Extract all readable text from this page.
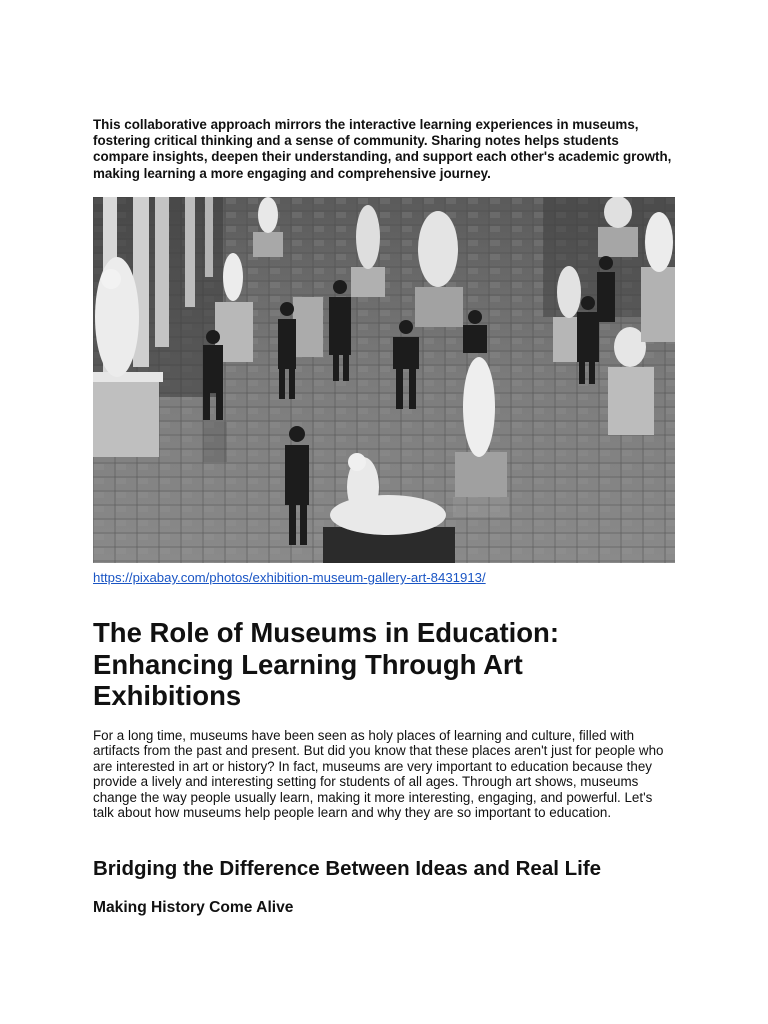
This collaborative approach mirrors the interactive learning experiences in museums, fostering critical thinking and a sense of community. Sharing notes helps students compare insights, deepen their understanding, and support each other's academic growth, making learning a more engaging and comprehensive journey.

https://pixabay.com/photos/exhibition-museum-gallery-art-8431913/
The Role of Museums in Education: Enhancing Learning Through Art Exhibitions

For a long time, museums have been seen as holy places of learning and culture, filled with artifacts from the past and present. But did you know that these places aren't just for people who are interested in art or history? In fact, museums are very important to education because they provide a lively and interesting setting for students of all ages. Through art shows, museums change the way people usually learn, making it more interesting, engaging, and powerful. Let's talk about how museums help people learn and why they are so important to education.

Bridging the Difference Between Ideas and Real Life
Making History Come Alive
